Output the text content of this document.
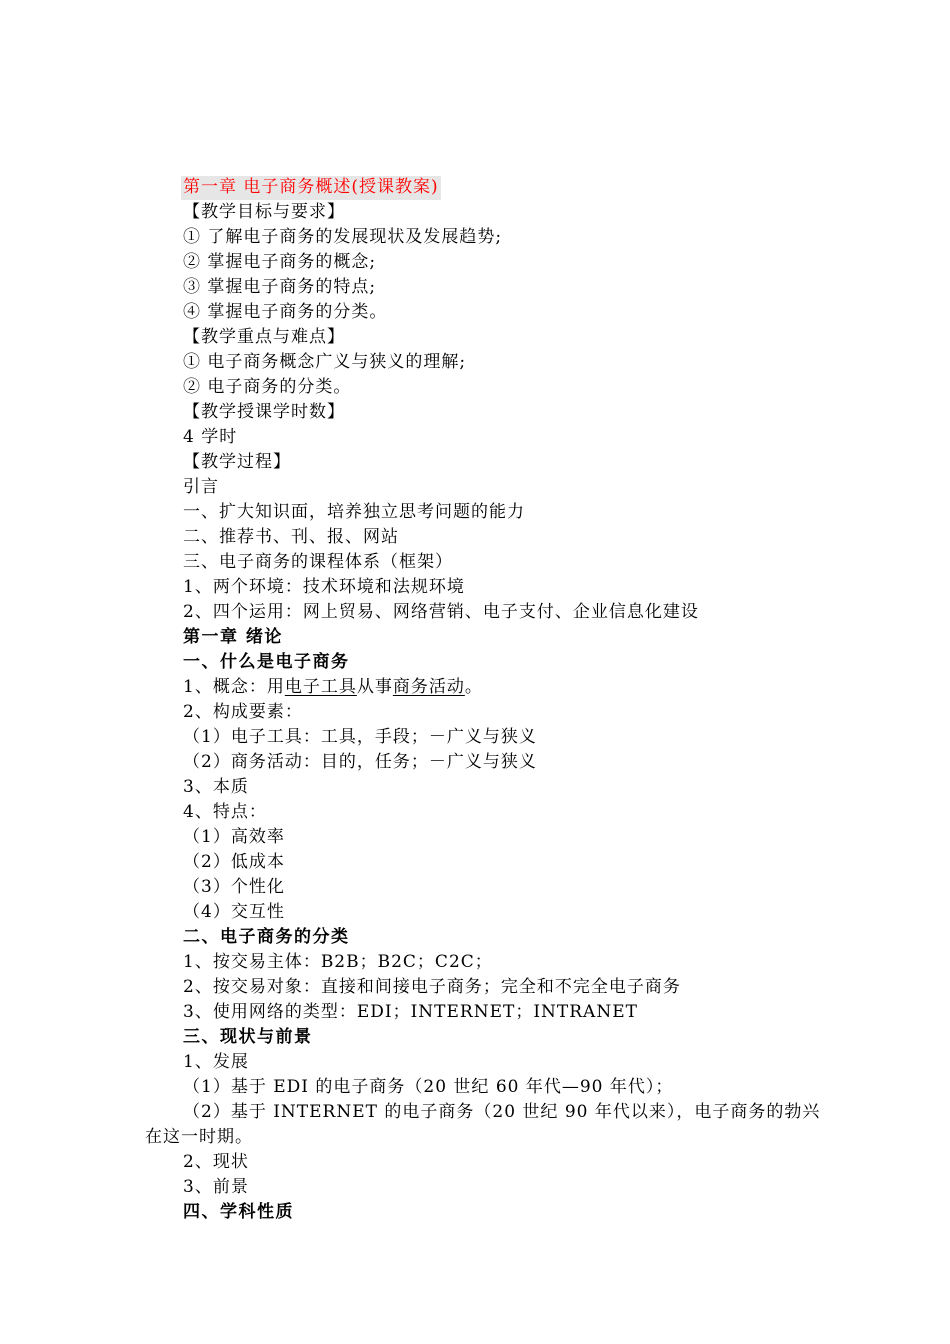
第一章 电子商务概述(授课教案)
【教学目标与要求】
① 了解电子商务的发展现状及发展趋势;
② 掌握电子商务的概念;
③ 掌握电子商务的特点;
④ 掌握电子商务的分类。
【教学重点与难点】
① 电子商务概念广义与狭义的理解;
② 电子商务的分类。
【教学授课学时数】
4 学时
【教学过程】
引言
一、扩大知识面，培养独立思考问题的能力
二、推荐书、刊、报、网站
三、电子商务的课程体系（框架）
1、两个环境：技术环境和法规环境
2、四个运用：网上贸易、网络营销、电子支付、企业信息化建设
第一章 绪论
一、什么是电子商务
1、概念：用电子工具从事商务活动。
2、构成要素：
（1）电子工具：工具，手段；－广义与狭义
（2）商务活动：目的，任务；－广义与狭义
3、本质
4、特点：
（1）高效率
（2）低成本
（3）个性化
（4）交互性
二、电子商务的分类
1、按交易主体：B2B；B2C；C2C；
2、按交易对象：直接和间接电子商务；完全和不完全电子商务
3、使用网络的类型：EDI；INTERNET；INTRANET
三、现状与前景
1、发展
（1）基于 EDI 的电子商务（20 世纪 60 年代—90 年代）；
（2）基于 INTERNET 的电子商务（20 世纪 90 年代以来），电子商务的勃兴
在这一时期。
2、现状
3、前景
四、学科性质
